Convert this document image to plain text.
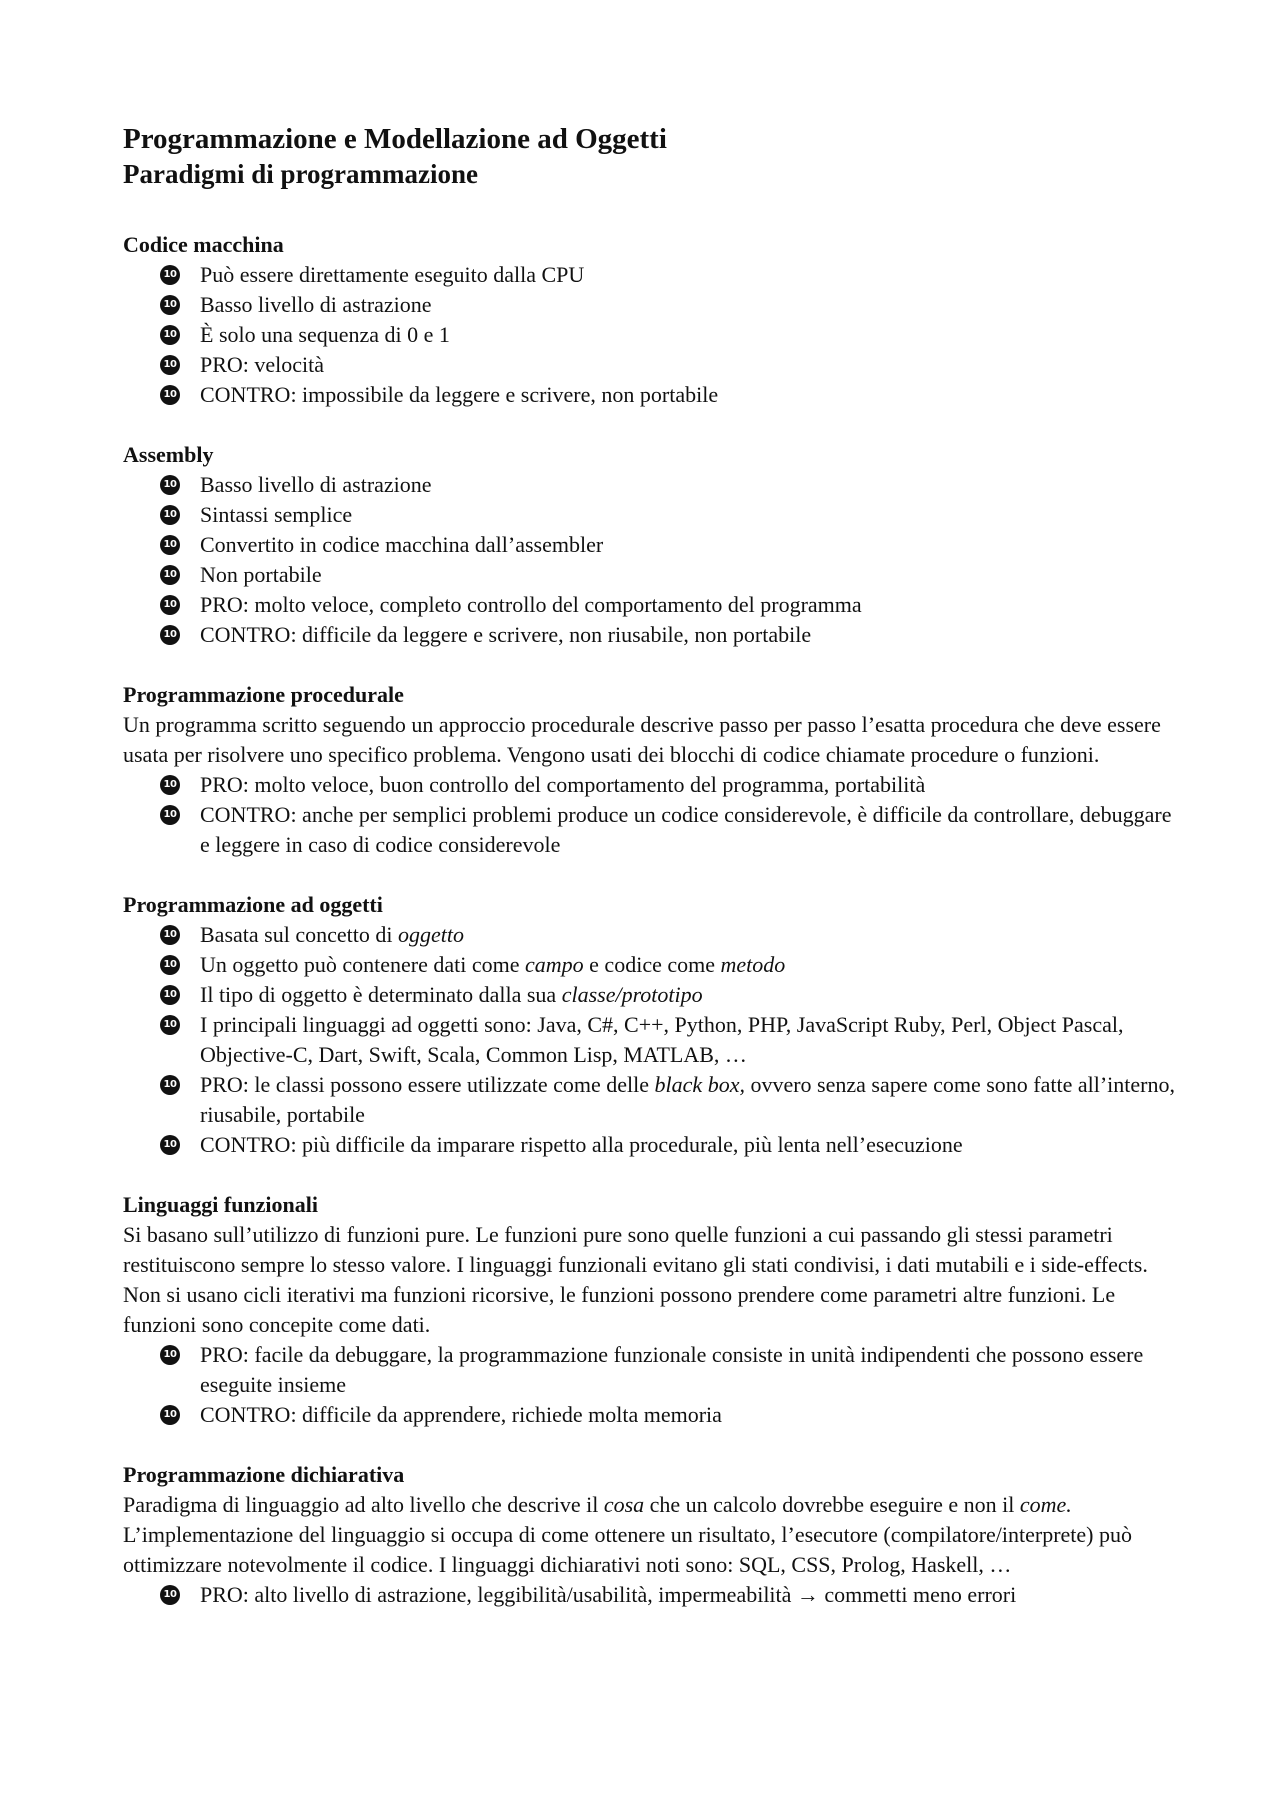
Programmazione e Modellazione ad Oggetti
Paradigmi di programmazione

Codice macchina

10 Può essere direttamente eseguito dalla CPU
10 Basso livello di astrazione
10 È solo una sequenza di 0 e 1
10 PRO: velocità
10 CONTRO: impossibile da leggere e scrivere, non portabile

Assembly

10 Basso livello di astrazione
10 Sintassi semplice
10 Convertito in codice macchina dall’assembler
10 Non portabile
10 PRO: molto veloce, completo controllo del comportamento del programma
10 CONTRO: difficile da leggere e scrivere, non riusabile, non portabile

Programmazione procedurale

Un programma scritto seguendo un approccio procedurale descrive passo per passo l’esatta procedura che deve essere usata per risolvere uno specifico problema. Vengono usati dei blocchi di codice chiamate procedure o funzioni.

10 PRO: molto veloce, buon controllo del comportamento del programma, portabilità
10 CONTRO: anche per semplici problemi produce un codice considerevole, è difficile da controllare, debuggare e leggere in caso di codice considerevole

Programmazione ad oggetti

10 Basata sul concetto di oggetto
10 Un oggetto può contenere dati come campo e codice come metodo
10 Il tipo di oggetto è determinato dalla sua classe/prototipo
10 I principali linguaggi ad oggetti sono: Java, C#, C++, Python, PHP, JavaScript Ruby, Perl, Object Pascal, Objective-C, Dart, Swift, Scala, Common Lisp, MATLAB, …
10 PRO: le classi possono essere utilizzate come delle black box, ovvero senza sapere come sono fatte all’interno, riusabile, portabile
10 CONTRO: più difficile da imparare rispetto alla procedurale, più lenta nell’esecuzione

Linguaggi funzionali

Si basano sull’utilizzo di funzioni pure. Le funzioni pure sono quelle funzioni a cui passando gli stessi parametri restituiscono sempre lo stesso valore. I linguaggi funzionali evitano gli stati condivisi, i dati mutabili e i side-effects.

Non si usano cicli iterativi ma funzioni ricorsive, le funzioni possono prendere come parametri altre funzioni. Le funzioni sono concepite come dati.

10 PRO: facile da debuggare, la programmazione funzionale consiste in unità indipendenti che possono essere eseguite insieme
10 CONTRO: difficile da apprendere, richiede molta memoria

Programmazione dichiarativa

Paradigma di linguaggio ad alto livello che descrive il cosa che un calcolo dovrebbe eseguire e non il come. L’implementazione del linguaggio si occupa di come ottenere un risultato, l’esecutore (compilatore/interprete) può ottimizzare notevolmente il codice. I linguaggi dichiarativi noti sono: SQL, CSS, Prolog, Haskell, …

10 PRO: alto livello di astrazione, leggibilità/usabilità, impermeabilità → commetti meno errori
